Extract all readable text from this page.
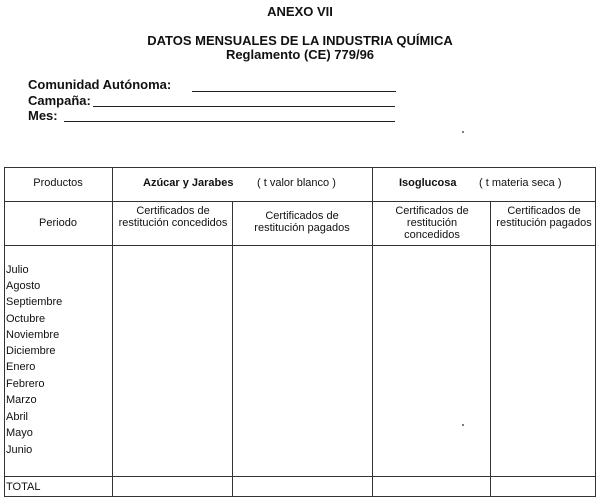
ANEXO VII
DATOS MENSUALES DE LA INDUSTRIA QUÍMICA
Reglamento (CE) 779/96
Comunidad Autónoma:
Campaña:
Mes:
Productos	Azúcar y Jarabes ( t valor blanco )	Isoglucosa ( t materia seca )
Periodo
Certificados de restitución concedidos
Certificados de restitución pagados
Certificados de restitución concedidos
Certificados de restitución pagados
Julio
Agosto
Septiembre
Octubre
Noviembre
Diciembre
Enero
Febrero
Marzo
Abril
Mayo
Junio
TOTAL
